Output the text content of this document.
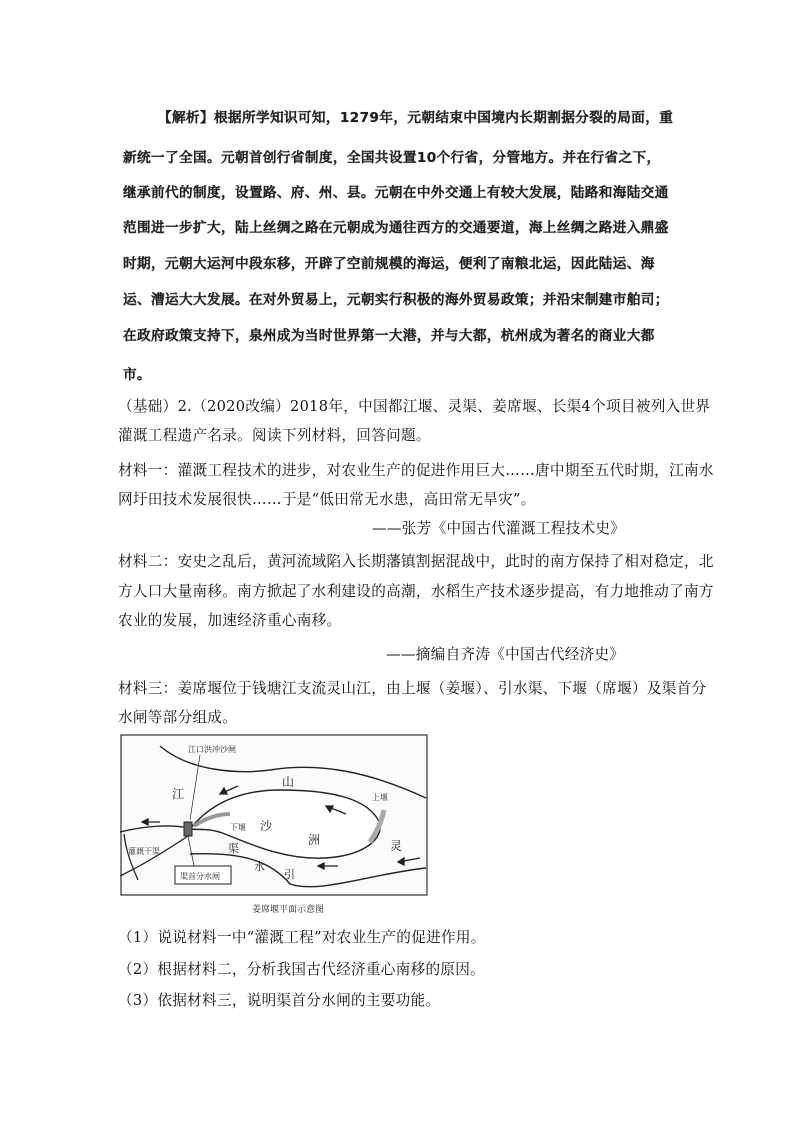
【解析】根据所学知识可知，1279年，元朝结束中国境内长期割据分裂的局面，重
新统一了全国。元朝首创行省制度，全国共设置10个行省，分管地方。并在行省之下，
继承前代的制度，设置路、府、州、县。元朝在中外交通上有较大发展，陆路和海陆交通
范围进一步扩大，陆上丝绸之路在元朝成为通往西方的交通要道，海上丝绸之路进入鼎盛
时期，元朝大运河中段东移，开辟了空前规模的海运，便利了南粮北运，因此陆运、海
运、漕运大大发展。在对外贸易上，元朝实行积极的海外贸易政策；并沿宋制建市舶司；
在政府政策支持下，泉州成为当时世界第一大港，并与大都，杭州成为著名的商业大都
市。
（基础）2.（2020改编）2018年，中国都江堰、灵渠、姜席堰、长渠4个项目被列入世界
灌溉工程遗产名录。阅读下列材料，回答问题。
材料一：灌溉工程技术的进步，对农业生产的促进作用巨大……唐中期至五代时期，江南水
网圩田技术发展很快……于是“低田常无水患，高田常无旱灾”。
——张芳《中国古代灌溉工程技术史》
材料二：安史之乱后，黄河流域陷入长期藩镇割据混战中，此时的南方保持了相对稳定，北
方人口大量南移。南方掀起了水利建设的高潮，水稻生产技术逐步提高，有力地推动了南方
农业的发展，加速经济重心南移。
——摘编自齐涛《中国古代经济史》
材料三：姜席堰位于钱塘江支流灵山江，由上堰（姜堰）、引水渠、下堰（席堰）及渠首分
水闸等部分组成。
江口洪冲沙闸
江
山
沙
洲	灵
上堰
下堰
渠
水
引
灌溉干渠
渠首分水闸
姜席堰平面示意图
（1）说说材料一中“灌溉工程”对农业生产的促进作用。
（2）根据材料二，分析我国古代经济重心南移的原因。
（3）依据材料三，说明渠首分水闸的主要功能。
